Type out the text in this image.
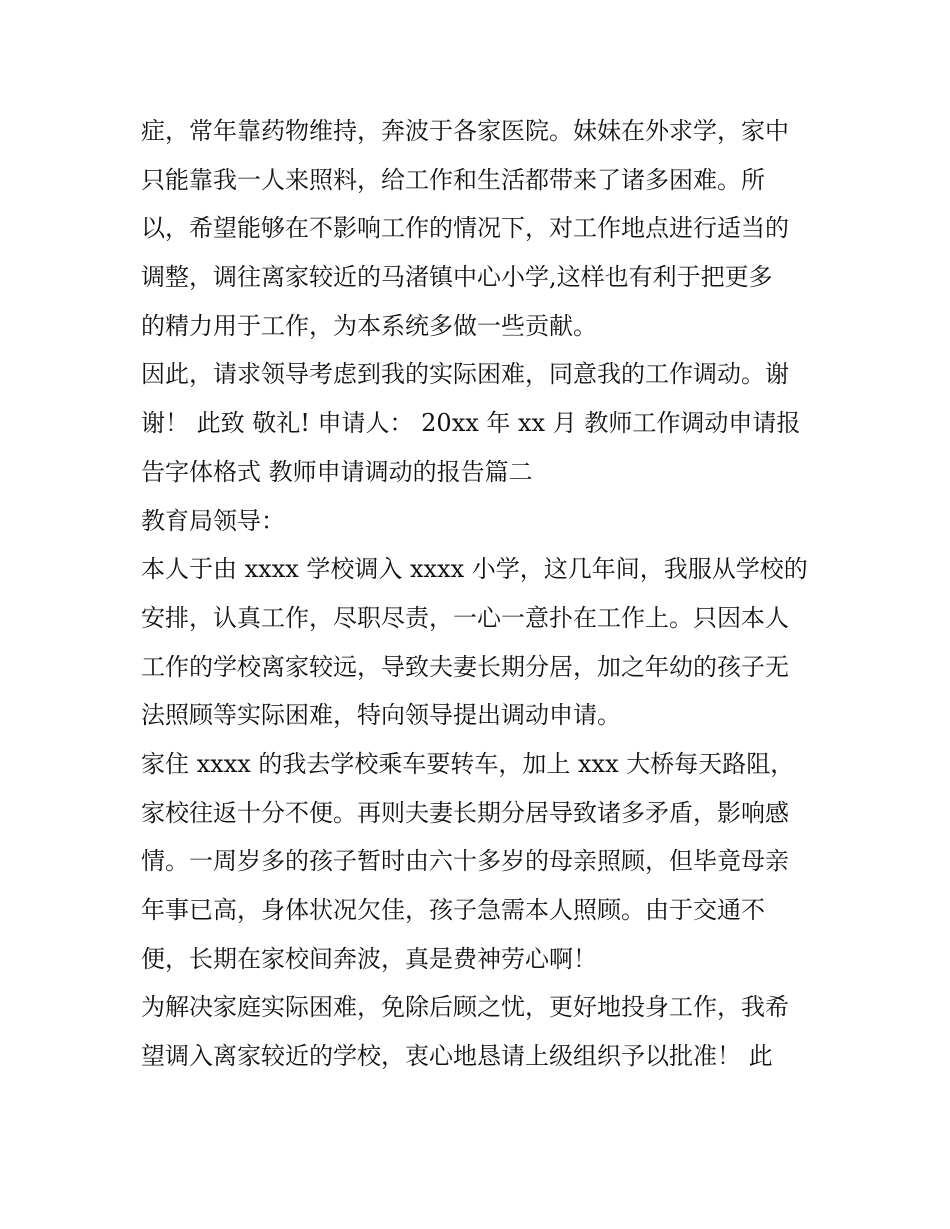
症，常年靠药物维持，奔波于各家医院。妹妹在外求学，家中
只能靠我一人来照料，给工作和生活都带来了诸多困难。所
以，希望能够在不影响工作的情况下，对工作地点进行适当的
调整，调往离家较近的马渚镇中心小学,这样也有利于把更多
的精力用于工作，为本系统多做一些贡献。
因此，请求领导考虑到我的实际困难，同意我的工作调动。谢
谢！ 此致 敬礼! 申请人： 20xx 年 xx 月 教师工作调动申请报
告字体格式 教师申请调动的报告篇二
教育局领导：
本人于由 xxxx 学校调入 xxxx 小学，这几年间，我服从学校的
安排，认真工作，尽职尽责，一心一意扑在工作上。只因本人
工作的学校离家较远，导致夫妻长期分居，加之年幼的孩子无
法照顾等实际困难，特向领导提出调动申请。
家住 xxxx 的我去学校乘车要转车，加上 xxx 大桥每天路阻，
家校往返十分不便。再则夫妻长期分居导致诸多矛盾，影响感
情。一周岁多的孩子暂时由六十多岁的母亲照顾，但毕竟母亲
年事已高，身体状况欠佳，孩子急需本人照顾。由于交通不
便，长期在家校间奔波，真是费神劳心啊！
为解决家庭实际困难，免除后顾之忧，更好地投身工作，我希
望调入离家较近的学校，衷心地恳请上级组织予以批准！ 此
